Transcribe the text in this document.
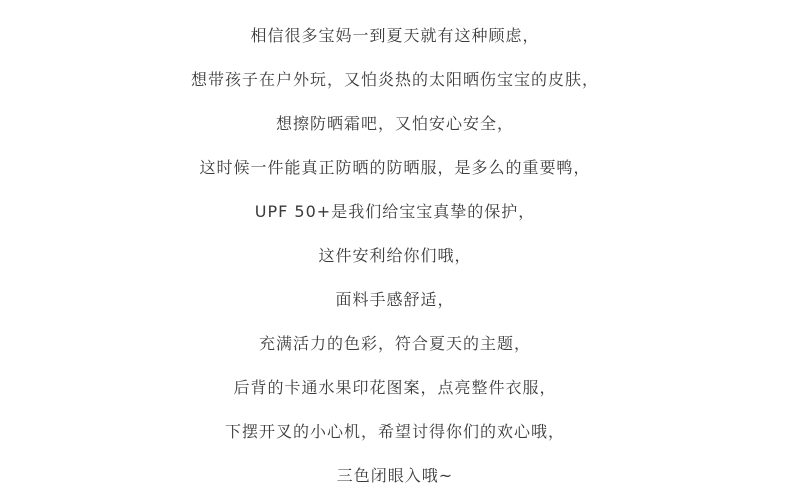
相信很多宝妈一到夏天就有这种顾虑，
想带孩子在户外玩，又怕炎热的太阳晒伤宝宝的皮肤，
想擦防晒霜吧，又怕安心安全，
这时候一件能真正防晒的防晒服，是多么的重要鸭，
UPF 50+是我们给宝宝真挚的保护，
这件安利给你们哦，
面料手感舒适，
充满活力的色彩，符合夏天的主题，
后背的卡通水果印花图案，点亮整件衣服，
下摆开叉的小心机，希望讨得你们的欢心哦，
三色闭眼入哦~
